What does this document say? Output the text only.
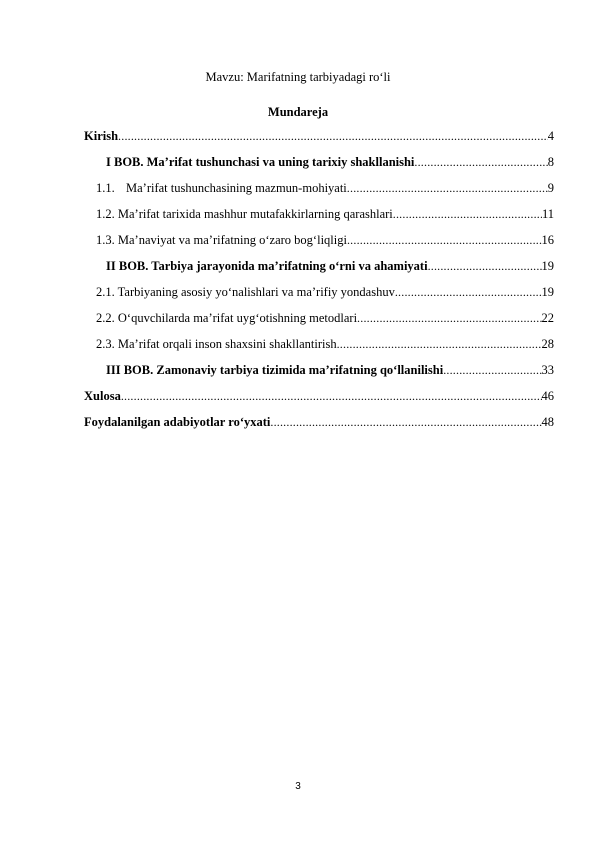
Mavzu: Marifatning tarbiyadagi ro‘li
Mundareja
Kirish .....	4
I BOB. Ma’rifat tushunchasi va uning tarixiy shakllanishi .....	8
1.1. Ma’rifat tushunchasining mazmun-mohiyati .....	9
1.2. Ma’rifat tarixida mashhur mutafakkirlarning qarashlari .....	11
1.3. Ma’naviyat va ma’rifatning o‘zaro bog‘liqligi .....	16
II BOB. Tarbiya jarayonida ma’rifatning o‘rni va ahamiyati .....	19
2.1. Tarbiyaning asosiy yo‘nalishlari va ma’rifiy yondashuv .....	19
2.2. O‘quvchilarda ma’rifat uyg‘otishning metodlari .....	22
2.3. Ma’rifat orqali inson shaxsini shakllantirish .....	28
III BOB. Zamonaviy tarbiya tizimida ma’rifatning qo‘llanilishi .....	33
Xulosa .....	46
Foydalanilgan adabiyotlar ro‘yxati .....	48
3
